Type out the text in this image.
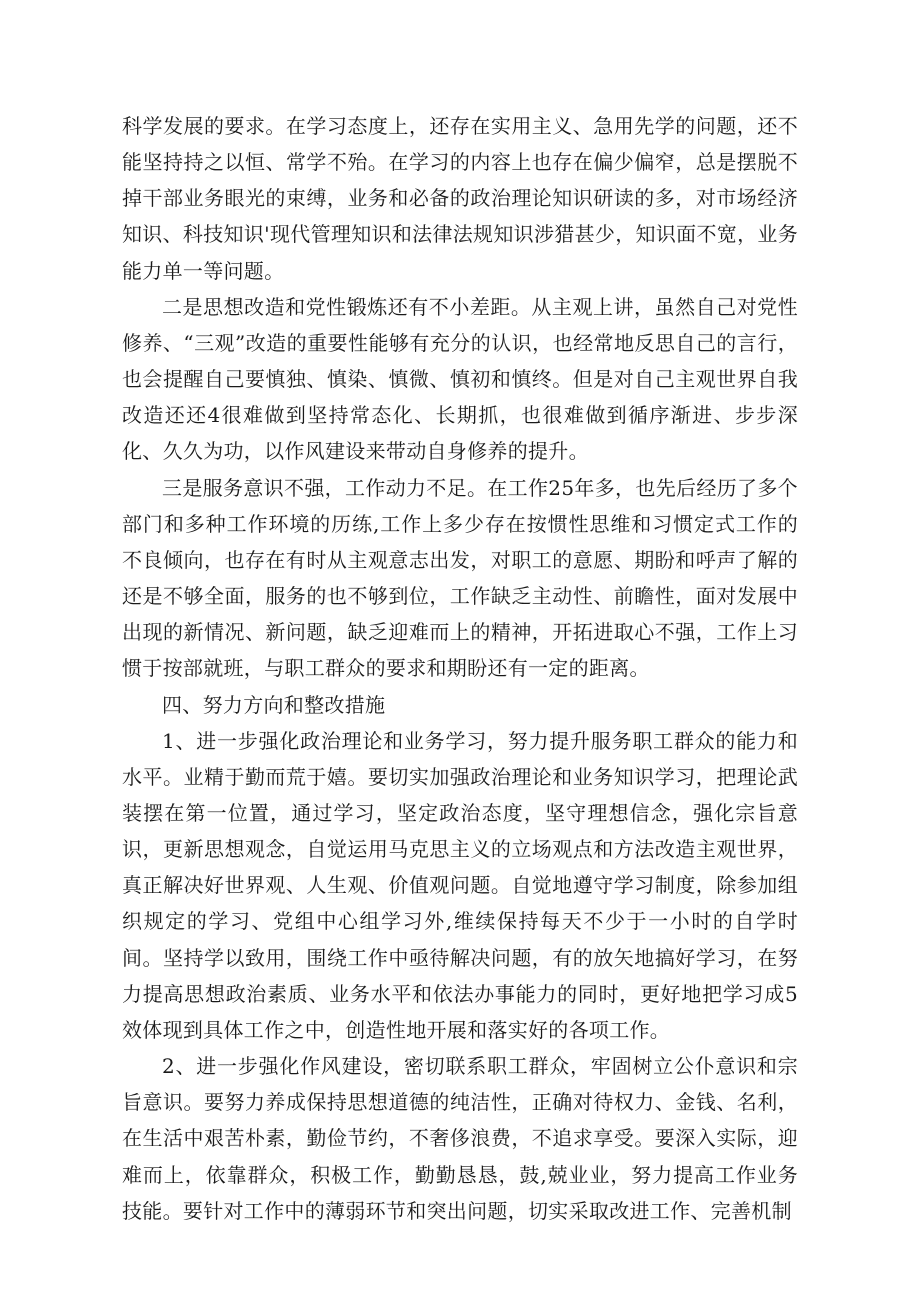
科学发展的要求。在学习态度上，还存在实用主义、急用先学的问题，还不能坚持持之以恒、常学不殆。在学习的内容上也存在偏少偏窄，总是摆脱不掉干部业务眼光的束缚，业务和必备的政治理论知识研读的多，对市场经济知识、科技知识'现代管理知识和法律法规知识涉猎甚少，知识面不宽，业务能力单一等问题。

二是思想改造和党性锻炼还有不小差距。从主观上讲，虽然自己对党性修养、“三观”改造的重要性能够有充分的认识，也经常地反思自己的言行，也会提醒自己要慎独、慎染、慎微、慎初和慎终。但是对自己主观世界自我改造还还4很难做到坚持常态化、长期抓，也很难做到循序渐进、步步深化、久久为功，以作风建设来带动自身修养的提升。

三是服务意识不强，工作动力不足。在工作25年多，也先后经历了多个部门和多种工作环境的历练,工作上多少存在按惯性思维和习惯定式工作的不良倾向，也存在有时从主观意志出发，对职工的意愿、期盼和呼声了解的还是不够全面，服务的也不够到位，工作缺乏主动性、前瞻性，面对发展中出现的新情况、新问题，缺乏迎难而上的精神，开拓进取心不强，工作上习惯于按部就班，与职工群众的要求和期盼还有一定的距离。

四、努力方向和整改措施

1、进一步强化政治理论和业务学习，努力提升服务职工群众的能力和水平。业精于勤而荒于嬉。要切实加强政治理论和业务知识学习，把理论武装摆在第一位置，通过学习，坚定政治态度，坚守理想信念，强化宗旨意识，更新思想观念，自觉运用马克思主义的立场观点和方法改造主观世界，真正解决好世界观、人生观、价值观问题。自觉地遵守学习制度，除参加组织规定的学习、党组中心组学习外,维续保持每天不少于一小时的自学时间。坚持学以致用，围绕工作中亟待解决问题，有的放矢地搞好学习，在努力提高思想政治素质、业务水平和依法办事能力的同时，更好地把学习成5效体现到具体工作之中，创造性地开展和落实好的各项工作。

2、进一步强化作风建设，密切联系职工群众，牢固树立公仆意识和宗旨意识。要努力养成保持思想道德的纯洁性，正确对待权力、金钱、名利，在生活中艰苦朴素，勤俭节约，不奢侈浪费，不追求享受。要深入实际，迎难而上，依靠群众，积极工作，勤勤恳恳，鼓,兢业业，努力提高工作业务技能。要针对工作中的薄弱环节和突出问题，切实采取改进工作、完善机制
